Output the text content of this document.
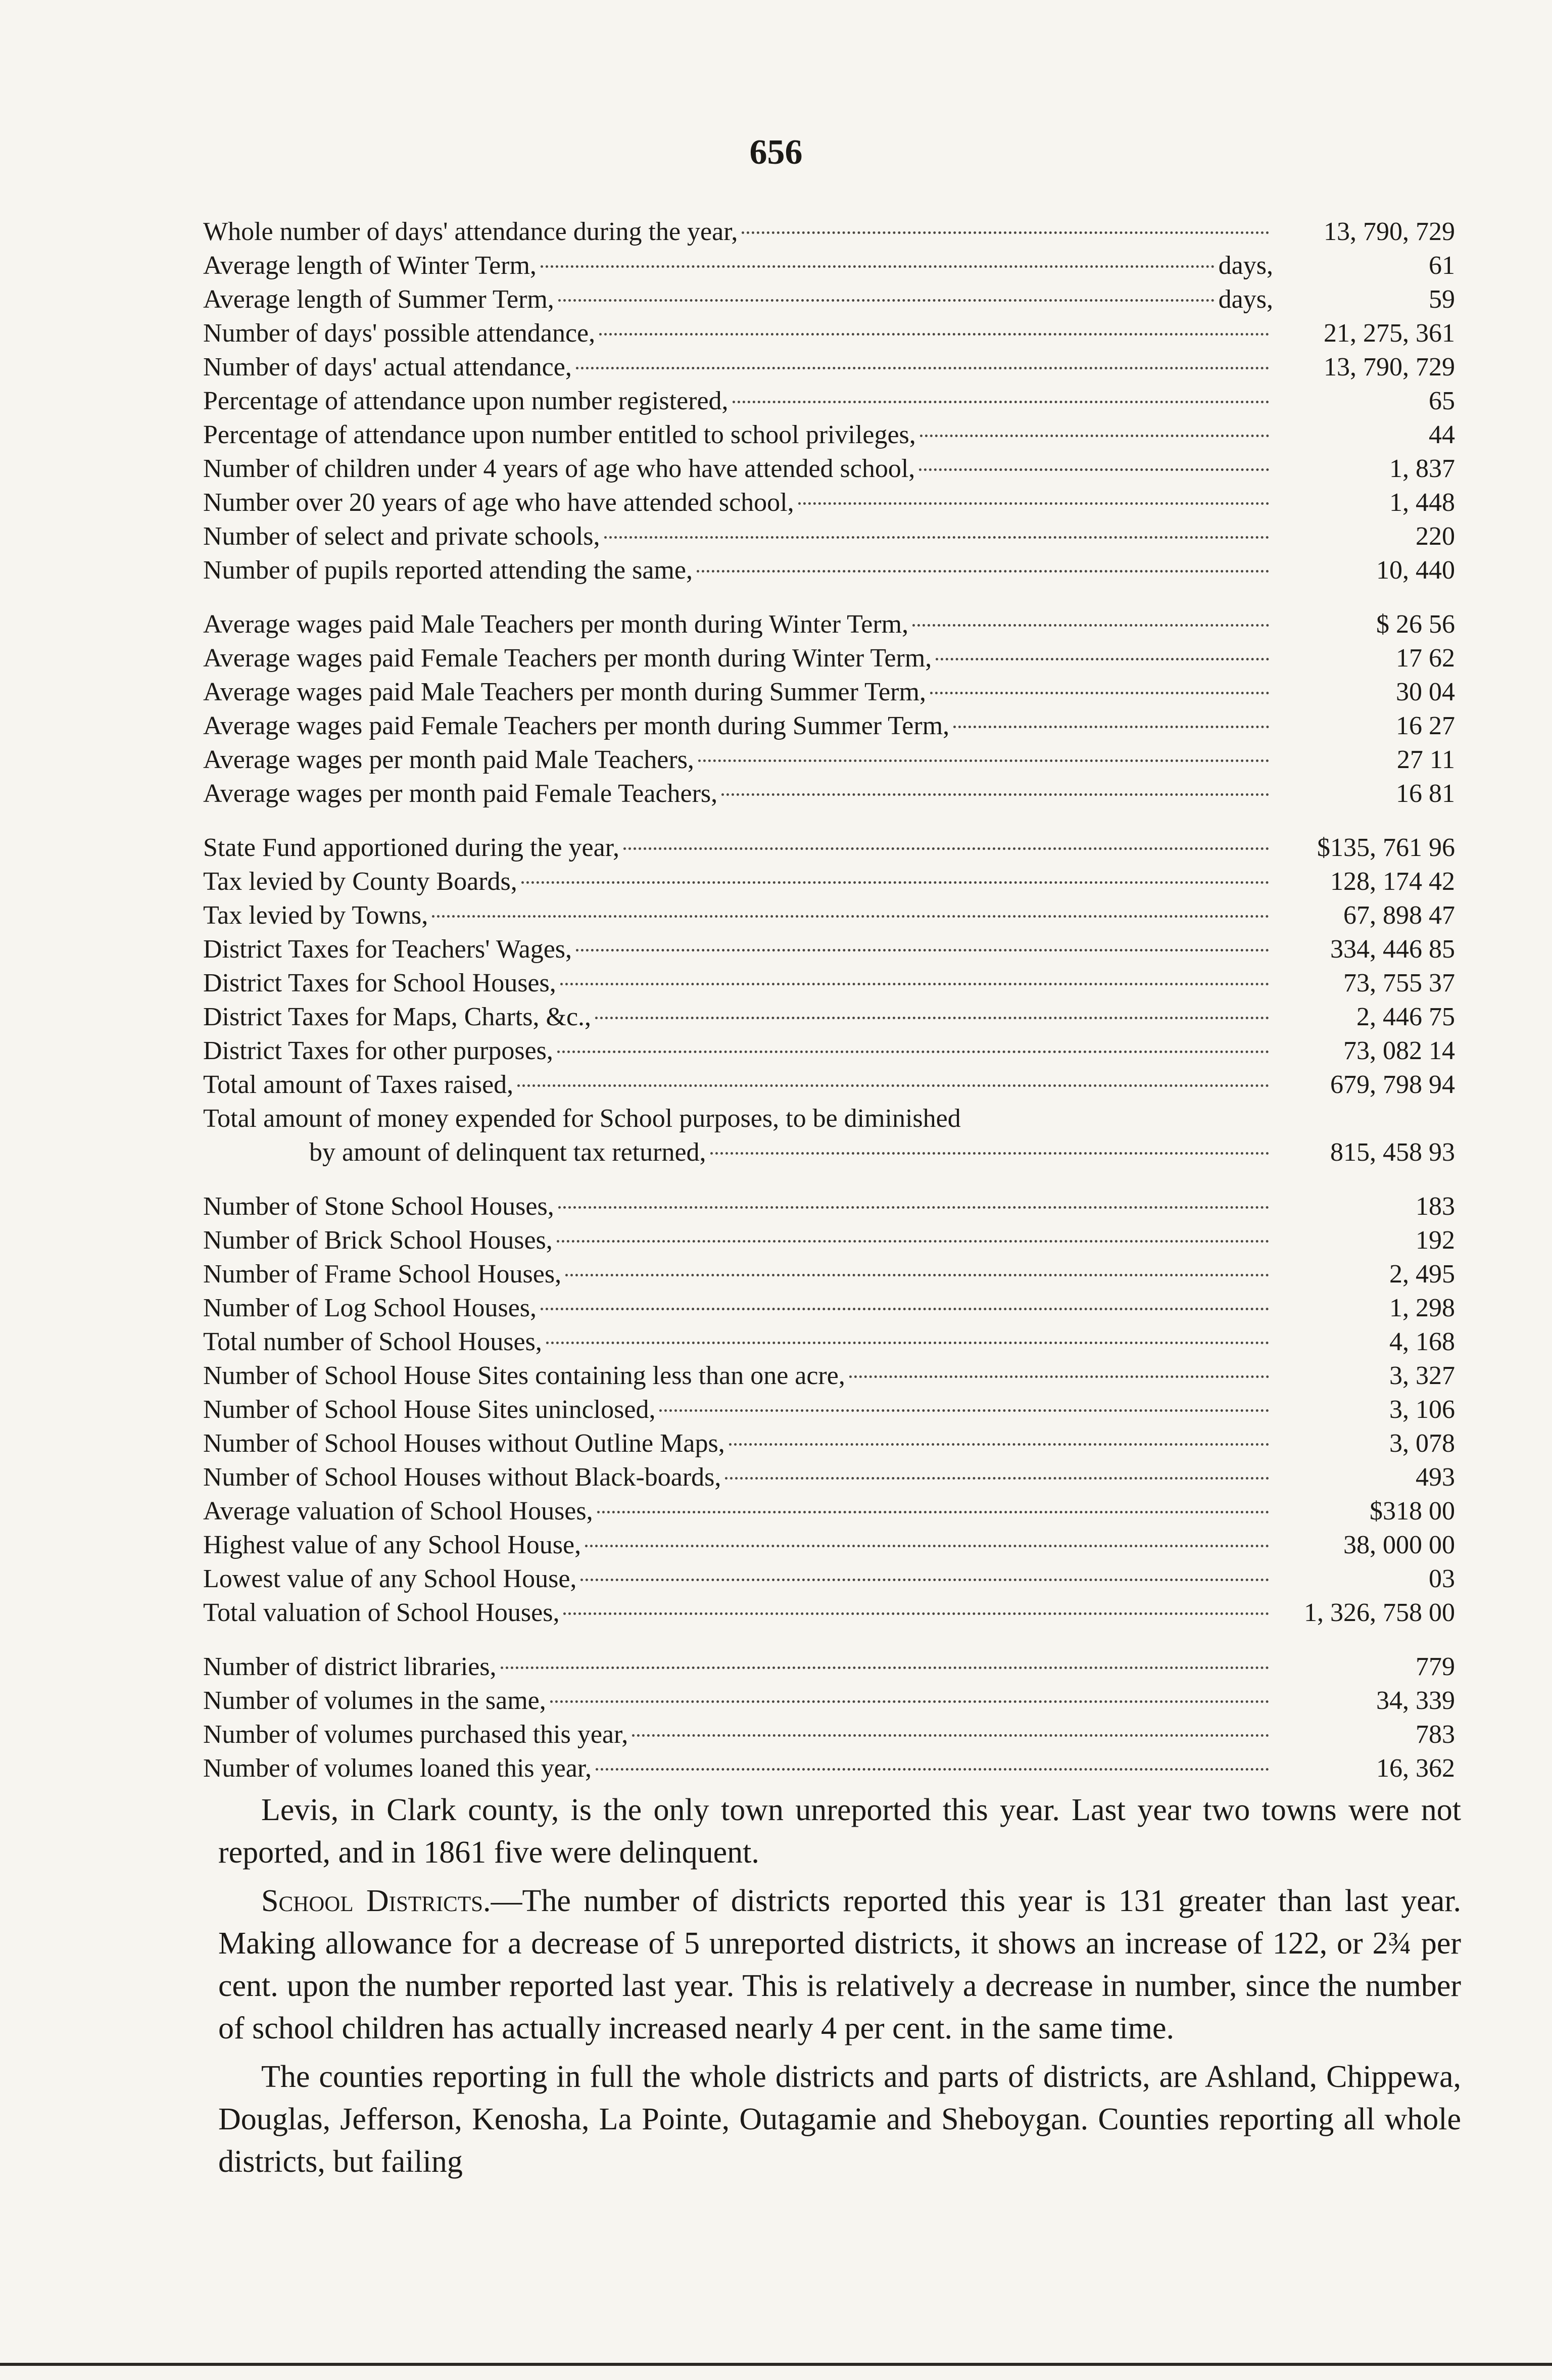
656
Whole number of days' attendance during the year,	13, 790, 729
Average length of Winter Term,	days,	61
Average length of Summer Term,	days,	59
Number of days' possible attendance,	21, 275, 361
Number of days' actual attendance,	13, 790, 729
Percentage of attendance upon number registered,	65
Percentage of attendance upon number entitled to school privileges,	44
Number of children under 4 years of age who have attended school,	1, 837
Number over 20 years of age who have attended school,	1, 448
Number of select and private schools,	220
Number of pupils reported attending the same,	10, 440
Average wages paid Male Teachers per month during Winter Term,	$ 26 56
Average wages paid Female Teachers per month during Winter Term,	17 62
Average wages paid Male Teachers per month during Summer Term,	30 04
Average wages paid Female Teachers per month during Summer Term,	16 27
Average wages per month paid Male Teachers,	27 11
Average wages per month paid Female Teachers,	16 81
State Fund apportioned during the year,	$135, 761 96
Tax levied by County Boards,	128, 174 42
Tax levied by Towns,	67, 898 47
District Taxes for Teachers' Wages,	334, 446 85
District Taxes for School Houses,	73, 755 37
District Taxes for Maps, Charts, &c.,	2, 446 75
District Taxes for other purposes,	73, 082 14
Total amount of Taxes raised,	679, 798 94
Total amount of money expended for School purposes, to be diminished
by amount of delinquent tax returned,	815, 458 93
Number of Stone School Houses,	183
Number of Brick School Houses,	192
Number of Frame School Houses,	2, 495
Number of Log School Houses,	1, 298
Total number of School Houses,	4, 168
Number of School House Sites containing less than one acre,	3, 327
Number of School House Sites uninclosed,	3, 106
Number of School Houses without Outline Maps,	3, 078
Number of School Houses without Black-boards,	493
Average valuation of School Houses,	$318 00
Highest value of any School House,	38, 000 00
Lowest value of any School House,	03
Total valuation of School Houses,	1, 326, 758 00
Number of district libraries,	779
Number of volumes in the same,	34, 339
Number of volumes purchased this year,	783
Number of volumes loaned this year,	16, 362

Levis, in Clark county, is the only town unreported this year. Last year two towns were not reported, and in 1861 five were delinquent.

School Districts.—The number of districts reported this year is 131 greater than last year. Making allowance for a decrease of 5 unreported districts, it shows an increase of 122, or 2¾ per cent. upon the number reported last year. This is relatively a decrease in number, since the number of school children has actually increased nearly 4 per cent. in the same time.

The counties reporting in full the whole districts and parts of districts, are Ashland, Chippewa, Douglas, Jefferson, Kenosha, La Pointe, Outagamie and Sheboygan. Counties reporting all whole districts, but failing
